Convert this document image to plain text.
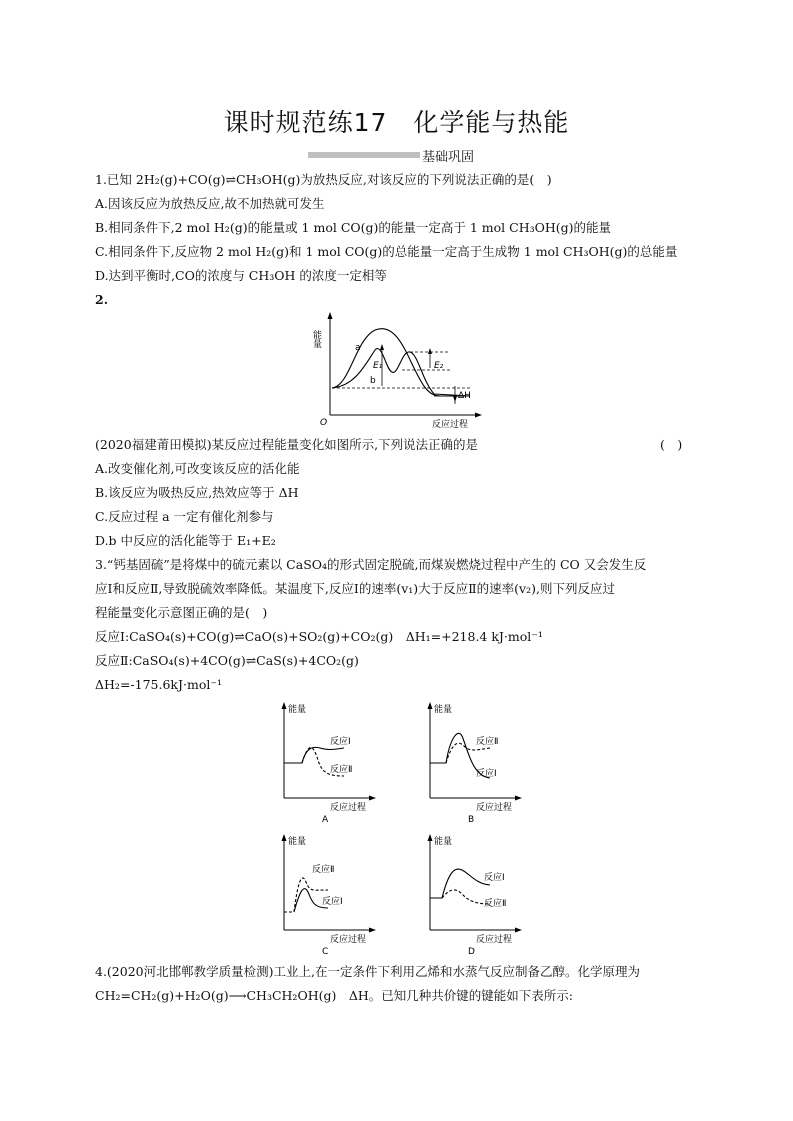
课时规范练17　化学能与热能
基础巩固
1.已知 2H₂(g)+CO(g)⇌CH₃OH(g)为放热反应,对该反应的下列说法正确的是(　)
A.因该反应为放热反应,故不加热就可发生
B.相同条件下,2 mol H₂(g)的能量或 1 mol CO(g)的能量一定高于 1 mol CH₃OH(g)的能量
C.相同条件下,反应物 2 mol H₂(g)和 1 mol CO(g)的总能量一定高于生成物 1 mol CH₃OH(g)的总能量
D.达到平衡时,CO的浓度与 CH₃OH 的浓度一定相等
2.
能量
O	反应过程
a
b
E₁	E₂
ΔH
(2020福建莆田模拟)某反应过程能量变化如图所示,下列说法正确的是	(　)
A.改变催化剂,可改变该反应的活化能
B.该反应为吸热反应,热效应等于 ΔH
C.反应过程 a 一定有催化剂参与
D.b 中反应的活化能等于 E₁+E₂
3.“钙基固硫”是将煤中的硫元素以 CaSO₄的形式固定脱硫,而煤炭燃烧过程中产生的 CO 又会发生反
应Ⅰ和反应Ⅱ,导致脱硫效率降低。某温度下,反应Ⅰ的速率(v₁)大于反应Ⅱ的速率(v₂),则下列反应过
程能量变化示意图正确的是(　)
反应Ⅰ:CaSO₄(s)+CO(g)⇌CaO(s)+SO₂(g)+CO₂(g)　ΔH₁=+218.4 kJ·mol⁻¹
反应Ⅱ:CaSO₄(s)+4CO(g)⇌CaS(s)+4CO₂(g)
ΔH₂=-175.6kJ·mol⁻¹
能量
反应过程
反应Ⅰ
反应Ⅱ
A
能量
反应过程
反应Ⅱ
反应Ⅰ
B
能量
反应过程
反应Ⅱ
反应Ⅰ
C
能量
反应过程
反应Ⅰ
反应Ⅱ
D
4.(2020河北邯郸教学质量检测)工业上,在一定条件下利用乙烯和水蒸气反应制备乙醇。化学原理为
CH₂=CH₂(g)+H₂O(g)⟶CH₃CH₂OH(g)　ΔH。已知几种共价键的键能如下表所示:
